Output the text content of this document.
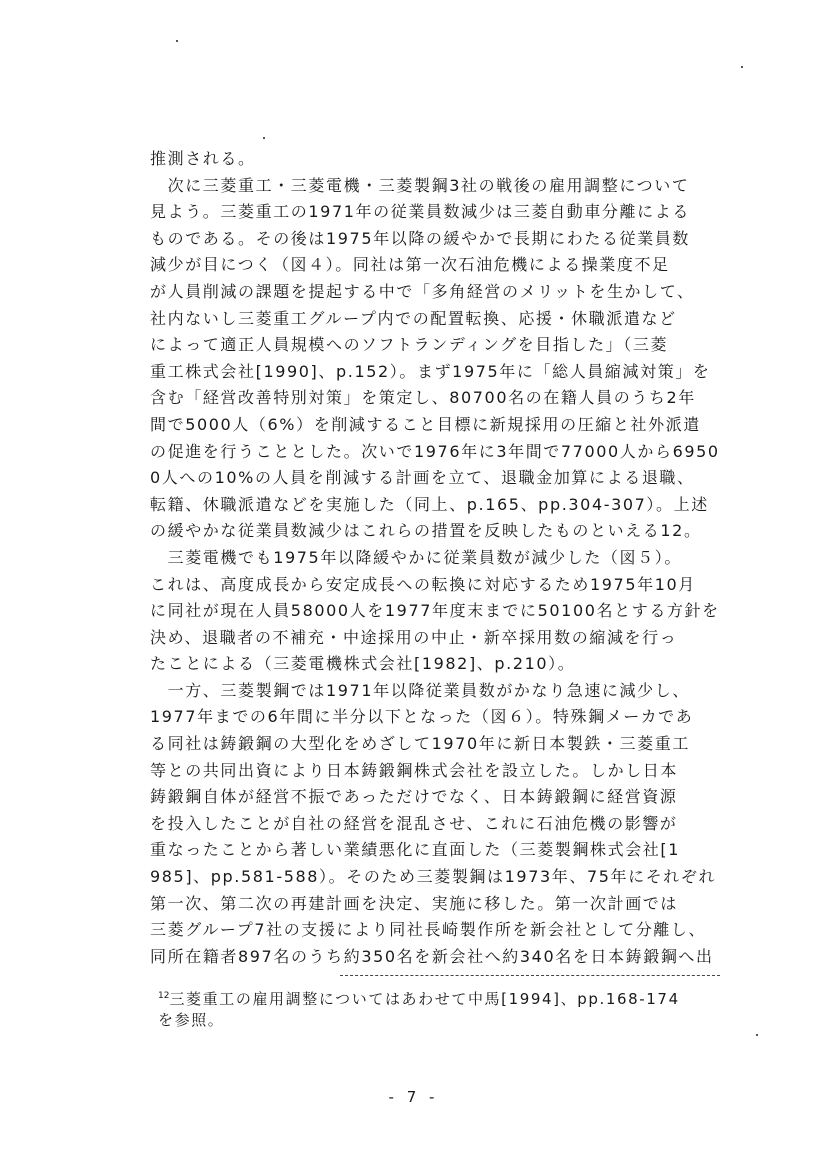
推測される。
　次に三菱重工・三菱電機・三菱製鋼3社の戦後の雇用調整について
見よう。三菱重工の1971年の従業員数減少は三菱自動車分離による
ものである。その後は1975年以降の緩やかで長期にわたる従業員数
減少が目につく（図４）。同社は第一次石油危機による操業度不足
が人員削減の課題を提起する中で「多角経営のメリットを生かして、
社内ないし三菱重工グループ内での配置転換、応援・休職派遣など
によって適正人員規模へのソフトランディングを目指した」（三菱
重工株式会社[1990]、p.152）。まず1975年に「総人員縮減対策」を
含む「経営改善特別対策」を策定し、80700名の在籍人員のうち2年
間で5000人（6%）を削減すること目標に新規採用の圧縮と社外派遣
の促進を行うこととした。次いで1976年に3年間で77000人から6950
0人への10%の人員を削減する計画を立て、退職金加算による退職、
転籍、休職派遣などを実施した（同上、p.165、pp.304-307）。上述
の緩やかな従業員数減少はこれらの措置を反映したものといえる12。
　三菱電機でも1975年以降緩やかに従業員数が減少した（図５）。
これは、高度成長から安定成長への転換に対応するため1975年10月
に同社が現在人員58000人を1977年度末までに50100名とする方針を
決め、退職者の不補充・中途採用の中止・新卒採用数の縮減を行っ
たことによる（三菱電機株式会社[1982]、p.210）。
　一方、三菱製鋼では1971年以降従業員数がかなり急速に減少し、
1977年までの6年間に半分以下となった（図６）。特殊鋼メーカであ
る同社は鋳鍛鋼の大型化をめざして1970年に新日本製鉄・三菱重工
等との共同出資により日本鋳鍛鋼株式会社を設立した。しかし日本
鋳鍛鋼自体が経営不振であっただけでなく、日本鋳鍛鋼に経営資源
を投入したことが自社の経営を混乱させ、これに石油危機の影響が
重なったことから著しい業績悪化に直面した（三菱製鋼株式会社[1
985]、pp.581-588）。そのため三菱製鋼は1973年、75年にそれぞれ
第一次、第二次の再建計画を決定、実施に移した。第一次計画では
三菱グループ7社の支援により同社長崎製作所を新会社として分離し、
同所在籍者897名のうち約350名を新会社へ約340名を日本鋳鍛鋼へ出
$^{12}$三菱重工の雇用調整についてはあわせて中馬[1994]、pp.168-174
を参照。
- 7 -
